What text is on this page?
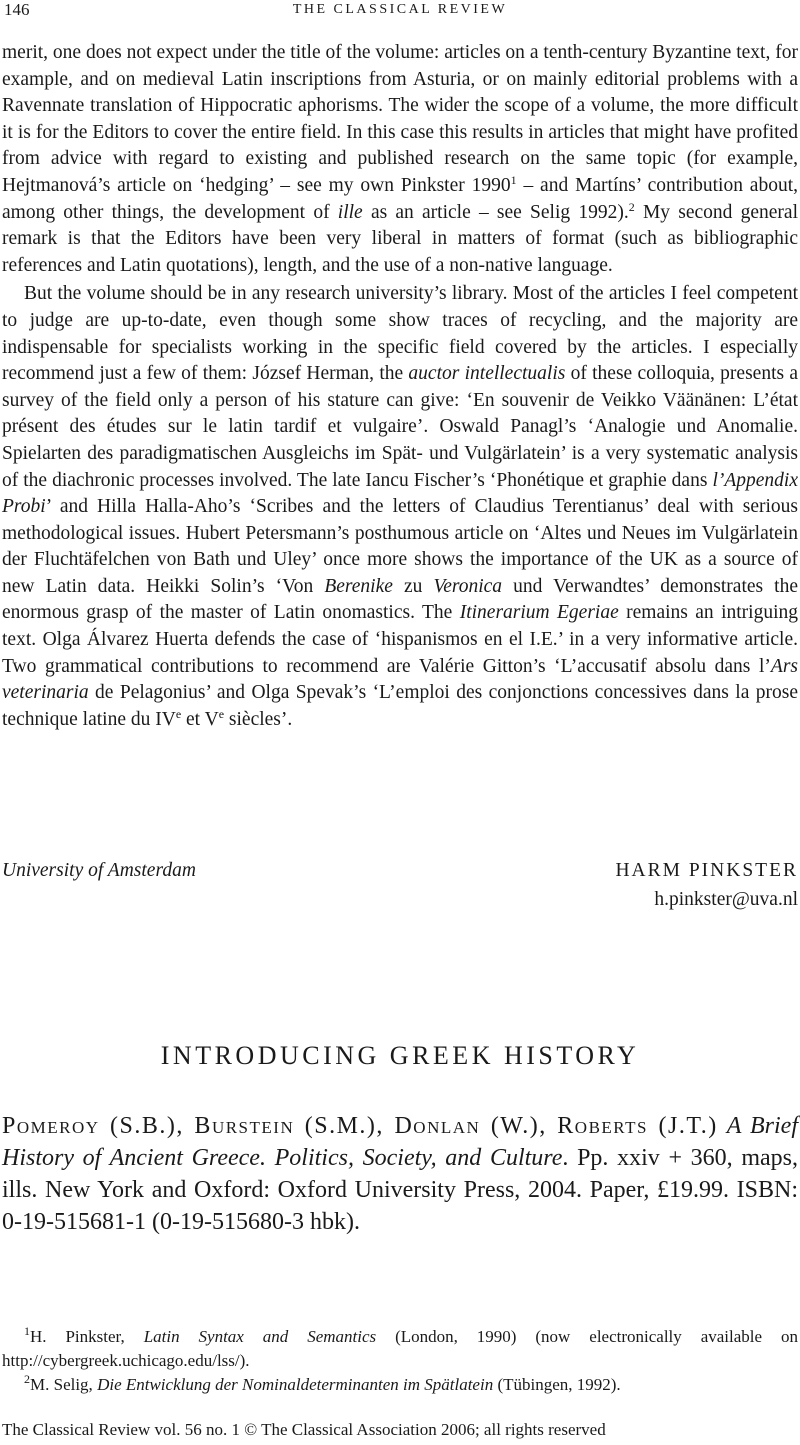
146	THE CLASSICAL REVIEW

merit, one does not expect under the title of the volume: articles on a tenth-century Byzantine text, for example, and on medieval Latin inscriptions from Asturia, or on mainly editorial problems with a Ravennate translation of Hippocratic aphorisms. The wider the scope of a volume, the more difficult it is for the Editors to cover the entire field. In this case this results in articles that might have profited from advice with regard to existing and published research on the same topic (for example, Hejtmanová’s article on ‘hedging’ – see my own Pinkster 1990$^1$ – and Martíns’ contribution about, among other things, the development of ille as an article – see Selig 1992).$^2$ My second general remark is that the Editors have been very liberal in matters of format (such as bibliographic references and Latin quotations), length, and the use of a non-native language.

But the volume should be in any research university’s library. Most of the articles I feel competent to judge are up-to-date, even though some show traces of recycling, and the majority are indispensable for specialists working in the specific field covered by the articles. I especially recommend just a few of them: József Herman, the auctor intellectualis of these colloquia, presents a survey of the field only a person of his stature can give: ‘En souvenir de Veikko Väänänen: L’état présent des études sur le latin tardif et vulgaire’. Oswald Panagl’s ‘Analogie und Anomalie. Spielarten des paradigmatischen Ausgleichs im Spät- und Vulgärlatein’ is a very systematic analysis of the diachronic processes involved. The late Iancu Fischer’s ‘Phonétique et graphie dans l’Appendix Probi’ and Hilla Halla-Aho’s ‘Scribes and the letters of Claudius Terentianus’ deal with serious methodological issues. Hubert Petersmann’s posthumous article on ‘Altes und Neues im Vulgärlatein der Fluchtäfelchen von Bath und Uley’ once more shows the importance of the UK as a source of new Latin data. Heikki Solin’s ‘Von Berenike zu Veronica und Verwandtes’ demonstrates the enormous grasp of the master of Latin onomastics. The Itinerarium Egeriae remains an intriguing text. Olga Álvarez Huerta defends the case of ‘hispanismos en el I.E.’ in a very informative article. Two grammatical contributions to recommend are Valérie Gitton’s ‘L’accusatif absolu dans l’Ars veterinaria de Pelagonius’ and Olga Spevak’s ‘L’emploi des conjonctions concessives dans la prose technique latine du IVe et Ve siècles’.

University of Amsterdam	HARM PINKSTER
h.pinkster@uva.nl
INTRODUCING GREEK HISTORY
Pomeroy (S.B.), Burstein (S.M.), Donlan (W.), Roberts (J.T.) A Brief History of Ancient Greece. Politics, Society, and Culture. Pp. xxiv + 360, maps, ills. New York and Oxford: Oxford University Press, 2004. Paper, £19.99. ISBN: 0-19-515681-1 (0-19-515680-3 hbk).

$^1$H. Pinkster, Latin Syntax and Semantics (London, 1990) (now electronically available on http://cybergreek.uchicago.edu/lss/).

$^2$M. Selig, Die Entwicklung der Nominaldeterminanten im Spätlatein (Tübingen, 1992).

The Classical Review vol. 56 no. 1 © The Classical Association 2006; all rights reserved
